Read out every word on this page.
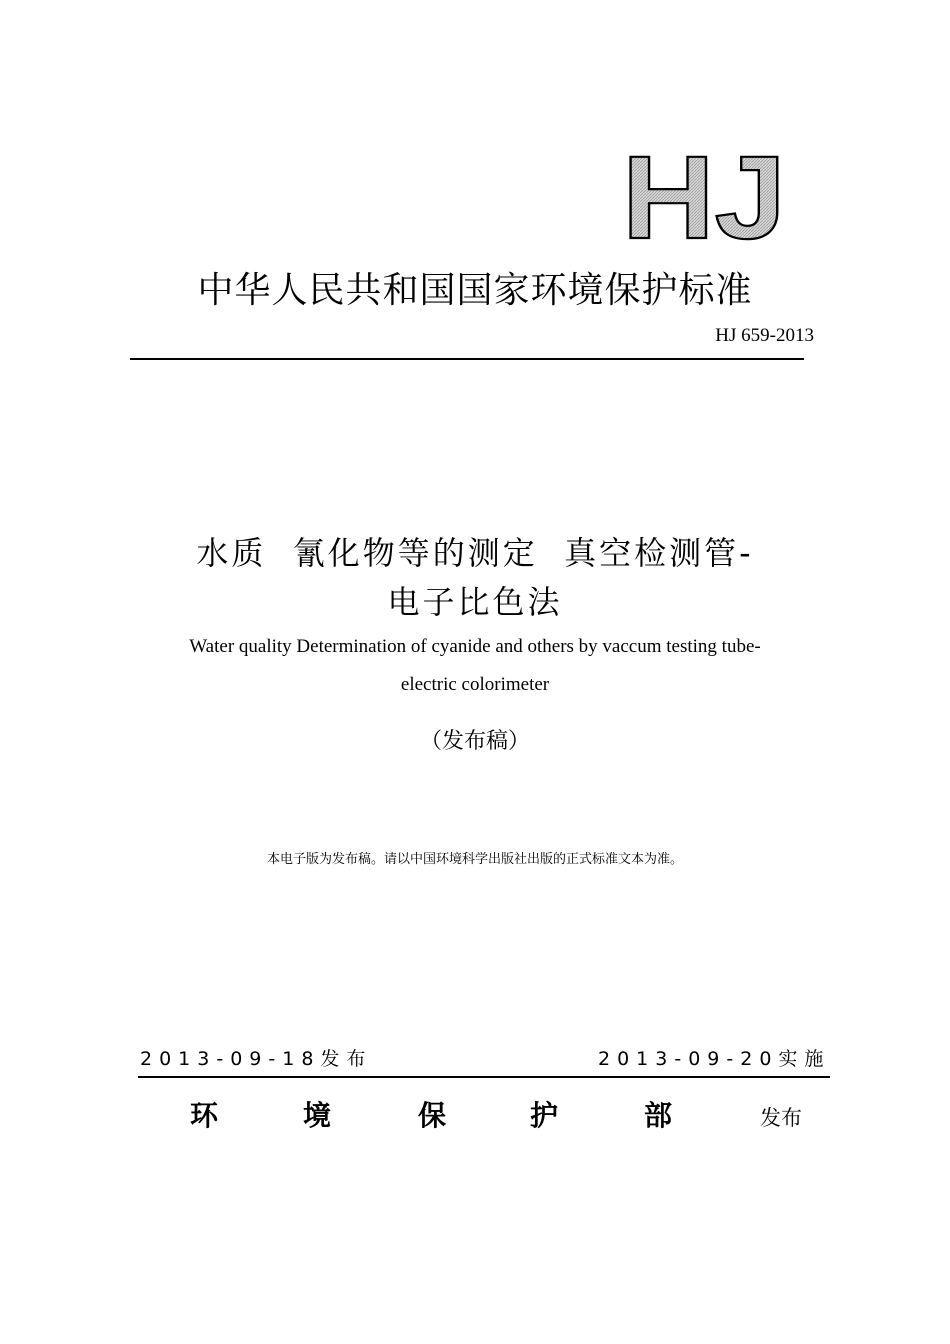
HJ
中华人民共和国国家环境保护标准
HJ 659-2013
水质  氰化物等的测定  真空检测管-
电子比色法
Water quality Determination of cyanide and others by vaccum testing tube-
electric colorimeter
（发布稿）
本电子版为发布稿。请以中国环境科学出版社出版的正式标准文本为准。
2013-09-18发布	2013-09-20实施
环	境	保	护	部	发布
